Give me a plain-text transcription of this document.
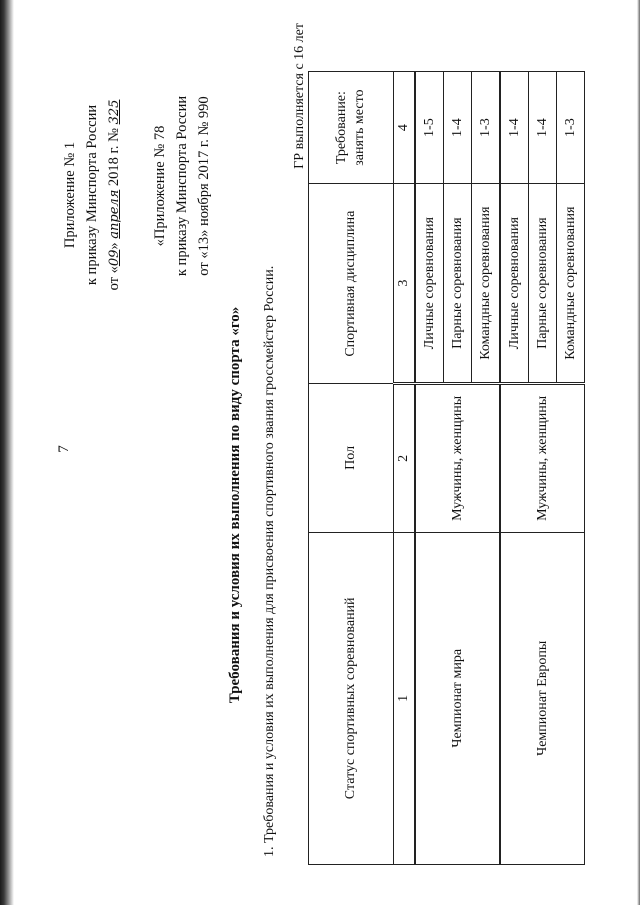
7
Приложение № 1 к приказу Минспорта России от «09» апреля 2018 г. № 325
«Приложение № 78 к приказу Минспорта России от «13» ноября 2017 г. № 990
Требования и условия их выполнения по виду спорта «го» 1. Требования и условия их выполнения для присвоения спортивного звания гроссмейстер России.
ГР выполняется с 16 лет
Статус спортивных соревнований	Пол	Спортивная дисциплина	Требование: занять место
1	2	3	4
Чемпионат мира	Мужчины, женщины	Личные соревнования	1-5
		Парные соревнования	1-4
		Командные соревнования	1-3
Чемпионат Европы	Мужчины, женщины	Личные соревнования	1-4
		Парные соревнования	1-4
		Командные соревнования	1-3
